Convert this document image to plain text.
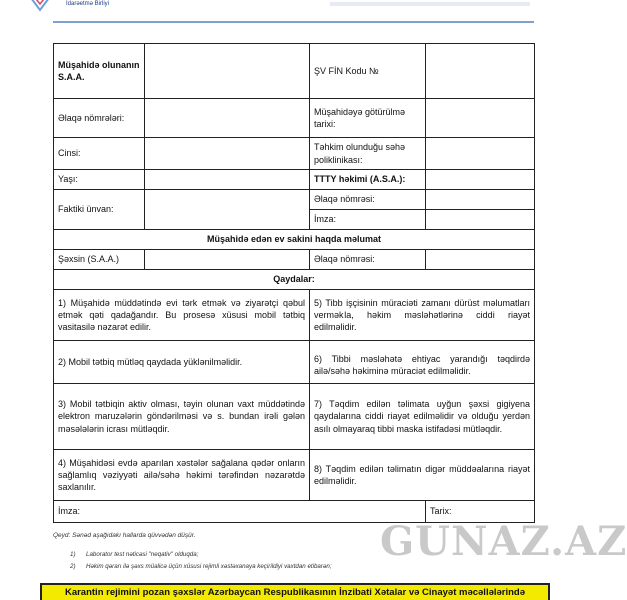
İdarəetmə Birliyi
Müşahidə olunanın S.A.A.		ŞV FİN Kodu №	
Əlaqə nömrələri:		Müşahidəyə götürülmə tarixi:	
Cinsi:		Təhkim olunduğu səhə poliklinikası:	
Yaşı:		TTTY həkimi (A.S.A.):	
Faktiki ünvan:		Əlaqə nömrəsi:	
		İmza:	
Müşahidə edən ev sakini haqda məlumat			
Şəxsin (S.A.A.)		Əlaqə nömrəsi:	
Qaydalar:			
1) Müşahidə müddətində evi tərk etmək və ziyarətçi qəbul etmək qəti qadağandır. Bu prosesə xüsusi mobil tətbiq vasitasilə nəzarət edilir.		5) Tibb işçisinin müraciəti zamanı dürüst məlumatları vermək la, həkim məsləhətlərinə ciddi riayət edilməlidir.	
2) Mobil tətbiq mütləq qaydada yüklənilməlidir.		6) Tibbi məsləhətə ehtiyac yarandığı təqdirdə ailə/səhə həkiminə müraciət edilməlidir.	
3) Mobil tətbiqin aktiv olması, təyin olunan vaxt müddətində elektron maruzələrin göndərilməsi və s. bundan irəli gələn məsələlərin icrası mütləqdir.		7) Təqdim edilən təlimata uyğun şəxsi gigiyena qaydalarına ciddi riayət edilməlidir və olduğu yerdən asılı olmayaraq tibbi maska istifadəsi mütləqdir.	
4) Müşahidəsi evdə aparılan xəstələr sağalana qədər onların sağlamlıq vəziyyəti ailə/səhə həkimi tərəfindən nəzarətdə saxlanılır.		8) Təqdim edilən təlimatın digər müddəalarına riayət edilməlidir.	
İmza:			Tarix:
Qeyd: Sənəd aşağıdakı hallarda qüvvədən düşür.
1) Laborator test nəticəsi "neqativ" olduqda;
2) Həkim qərarı ilə şəxs müalicə üçün xüsusi rejimli xəstəxanaya keçirildiyi vaxtdan etibarən;
GUNAZ.AZ
Karantin rejimini pozan şəxslər Azərbaycan Respublikasının İnzibati Xətalar və Cinayət məcəllələrində
